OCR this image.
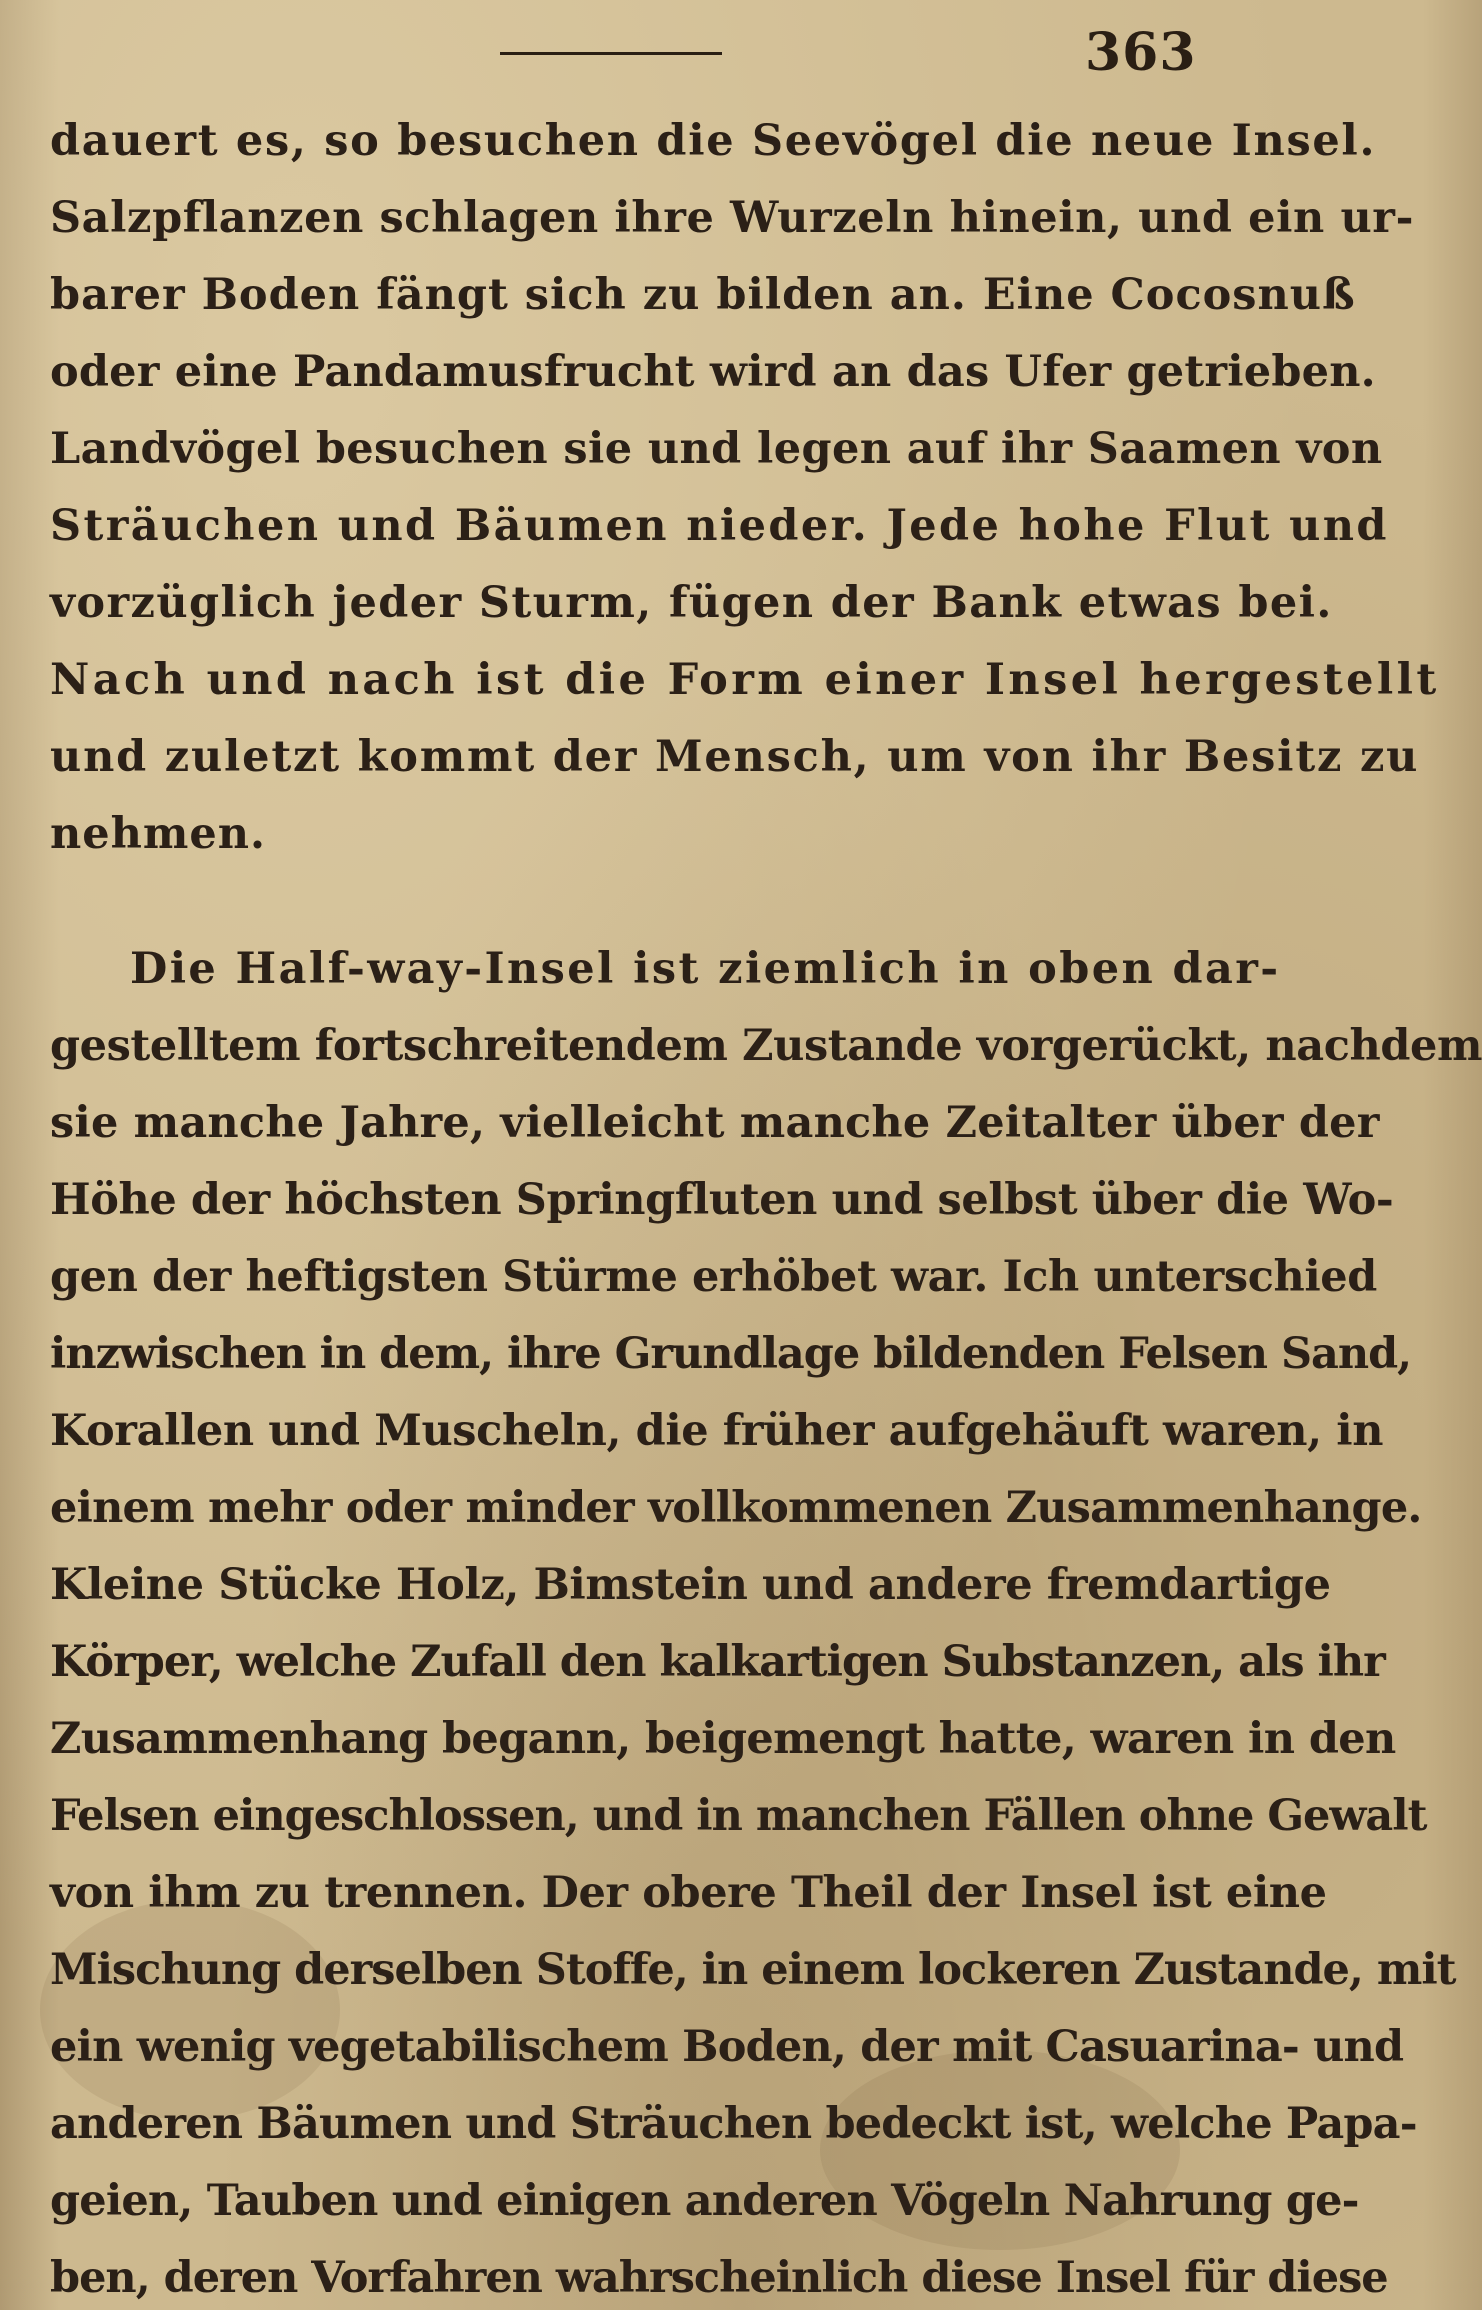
363
dauert es, so besuchen die Seevögel die neue Insel.
Salzpflanzen schlagen ihre Wurzeln hinein, und ein ur-
barer Boden fängt sich zu bilden an. Eine Cocosnuß
oder eine Pandamusfrucht wird an das Ufer getrieben.
Landvögel besuchen sie und legen auf ihr Saamen von
Sträuchen und Bäumen nieder. Jede hohe Flut und
vorzüglich jeder Sturm, fügen der Bank etwas bei.
Nach und nach ist die Form einer Insel hergestellt
und zuletzt kommt der Mensch, um von ihr Besitz zu
nehmen.
Die Half-way-Insel ist ziemlich in oben dar-
gestelltem fortschreitendem Zustande vorgerückt, nachdem
sie manche Jahre, vielleicht manche Zeitalter über der
Höhe der höchsten Springfluten und selbst über die Wo-
gen der heftigsten Stürme erhöbet war. Ich unterschied
inzwischen in dem, ihre Grundlage bildenden Felsen Sand,
Korallen und Muscheln, die früher aufgehäuft waren, in
einem mehr oder minder vollkommenen Zusammenhange.
Kleine Stücke Holz, Bimstein und andere fremdartige
Körper, welche Zufall den kalkartigen Substanzen, als ihr
Zusammenhang begann, beigemengt hatte, waren in den
Felsen eingeschlossen, und in manchen Fällen ohne Gewalt
von ihm zu trennen. Der obere Theil der Insel ist eine
Mischung derselben Stoffe, in einem lockeren Zustande, mit
ein wenig vegetabilischem Boden, der mit Casuarina- und
anderen Bäumen und Sträuchen bedeckt ist, welche Papa-
geien, Tauben und einigen anderen Vögeln Nahrung ge-
ben, deren Vorfahren wahrscheinlich diese Insel für diese
